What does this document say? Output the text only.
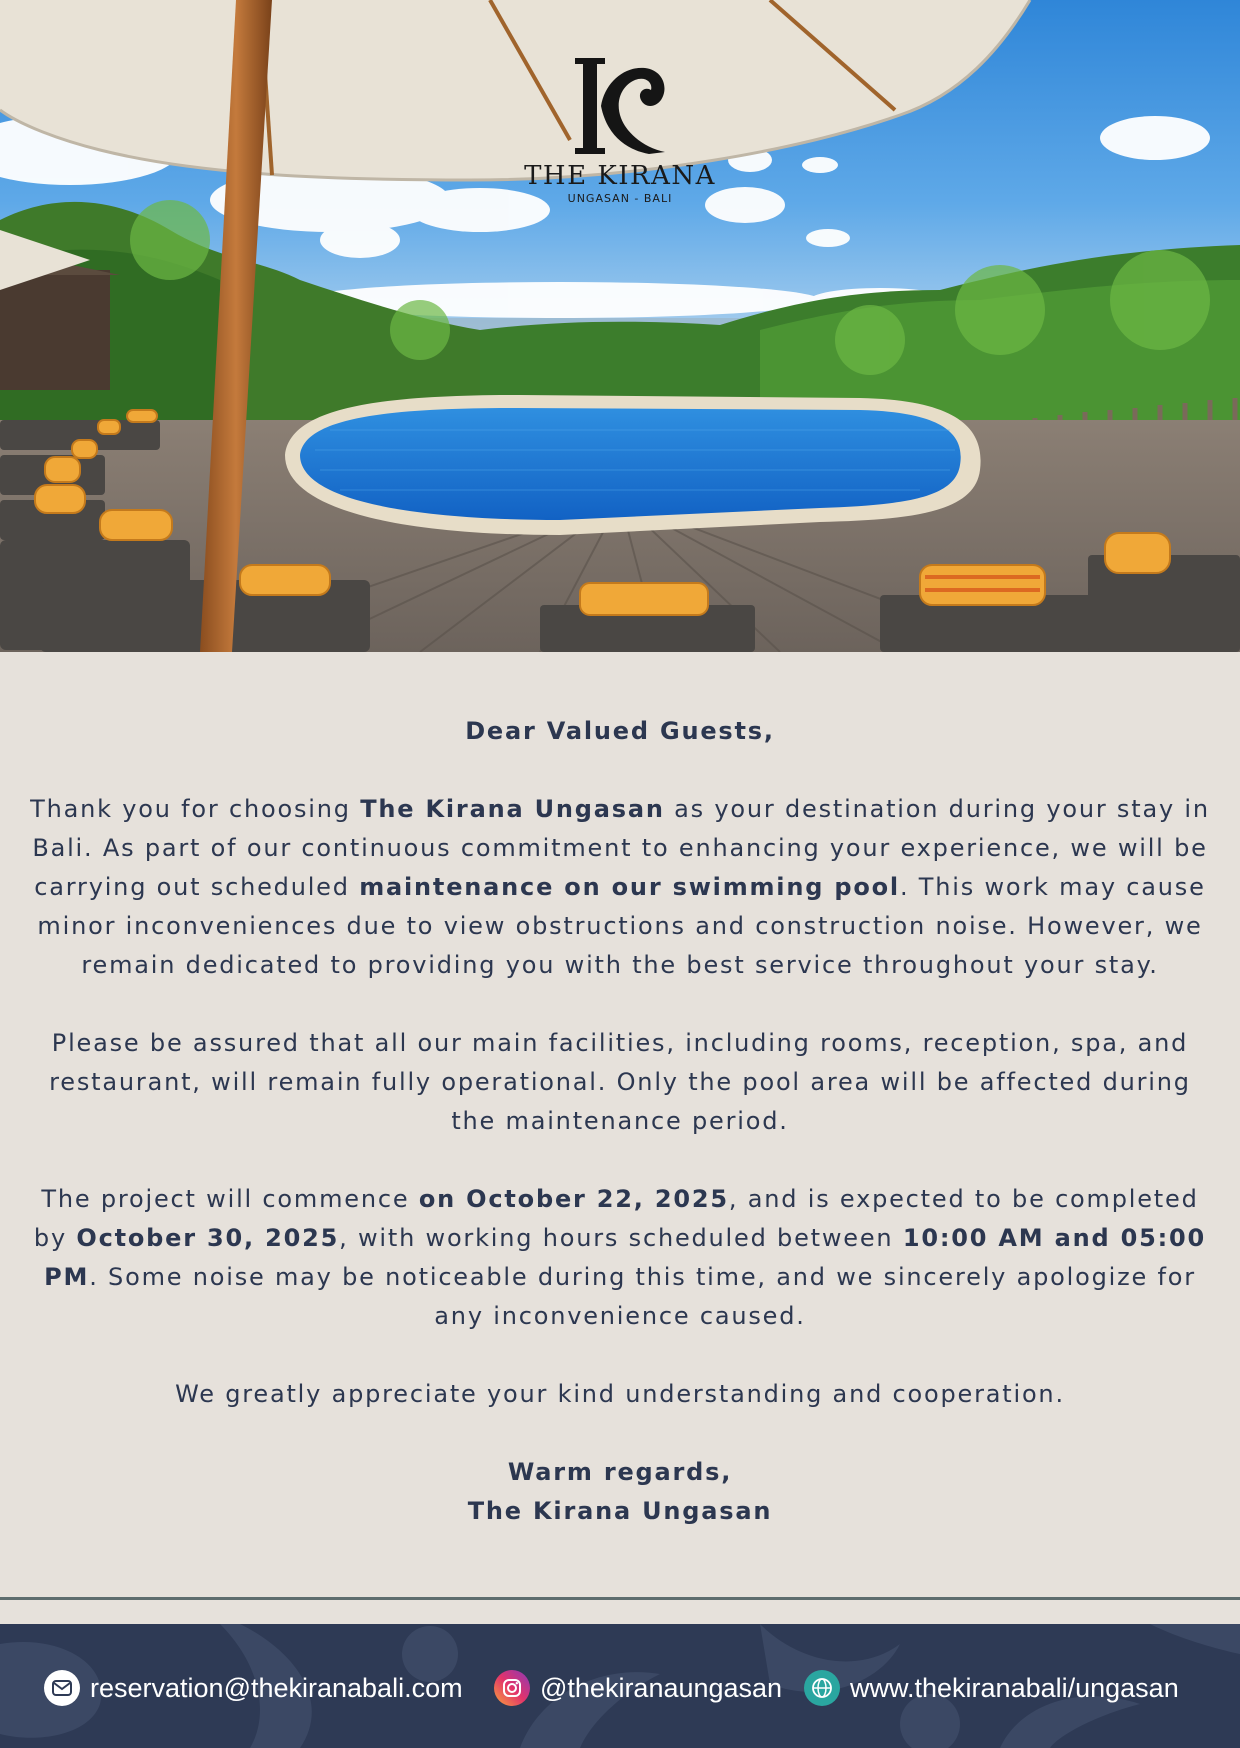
THE KIRANA
UNGASAN - BALI

Dear Valued Guests,

Thank you for choosing The Kirana Ungasan as your destination during your stay in Bali. As part of our continuous commitment to enhancing your experience, we will be carrying out scheduled maintenance on our swimming pool. This work may cause minor inconveniences due to view obstructions and construction noise. However, we remain dedicated to providing you with the best service throughout your stay.

Please be assured that all our main facilities, including rooms, reception, spa, and restaurant, will remain fully operational. Only the pool area will be affected during the maintenance period.

The project will commence on October 22, 2025, and is expected to be completed by October 30, 2025, with working hours scheduled between 10:00 AM and 05:00 PM. Some noise may be noticeable during this time, and we sincerely apologize for any inconvenience caused.

We greatly appreciate your kind understanding and cooperation.

Warm regards,

The Kirana Ungasan

reservation@thekiranabali.com	@thekiranaungasan	www.thekiranabali/ungasan
